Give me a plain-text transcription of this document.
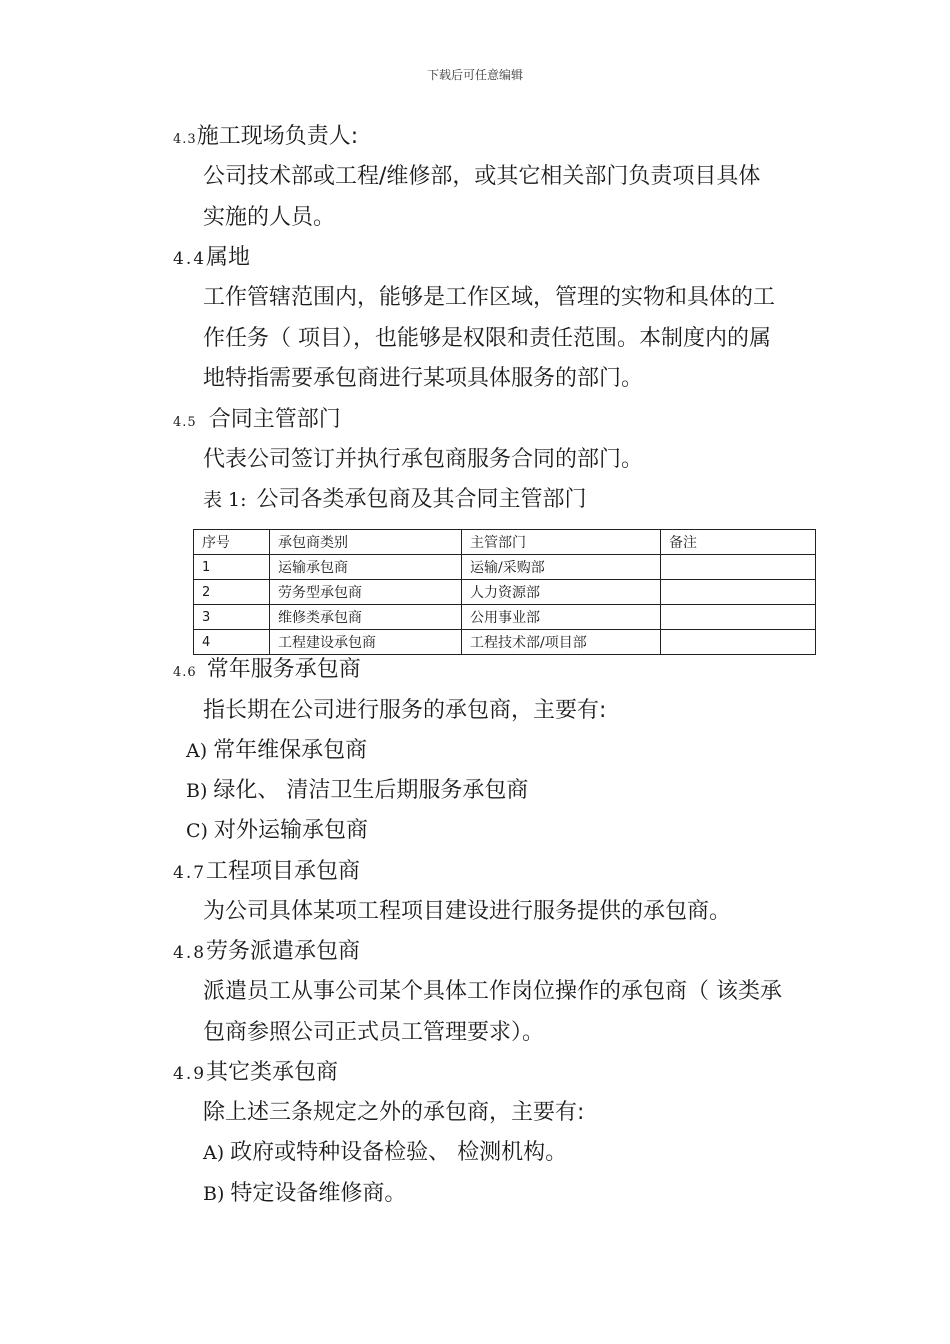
下载后可任意编辑
4.3施工现场负责人:
公司技术部或工程/维修部，或其它相关部门负责项目具体
实施的人员。
4.4属地
工作管辖范围内，能够是工作区域，管理的实物和具体的工
作任务（ 项目），也能够是权限和责任范围。本制度内的属
地特指需要承包商进行某项具体服务的部门。
4.5 合同主管部门
代表公司签订并执行承包商服务合同的部门。
表 1: 公司各类承包商及其合同主管部门
序号	承包商类别	主管部门	备注
1	运输承包商	运输/采购部	
2	劳务型承包商	人力资源部	
3	维修类承包商	公用事业部	
4	工程建设承包商	工程技术部/项目部	
4.6 常年服务承包商
指长期在公司进行服务的承包商，主要有:
A) 常年维保承包商
B) 绿化、 清洁卫生后期服务承包商
C) 对外运输承包商
4.7工程项目承包商
为公司具体某项工程项目建设进行服务提供的承包商。
4.8劳务派遣承包商
派遣员工从事公司某个具体工作岗位操作的承包商（ 该类承
包商参照公司正式员工管理要求）。
4.9其它类承包商
除上述三条规定之外的承包商，主要有:
A) 政府或特种设备检验、 检测机构。
B) 特定设备维修商。
